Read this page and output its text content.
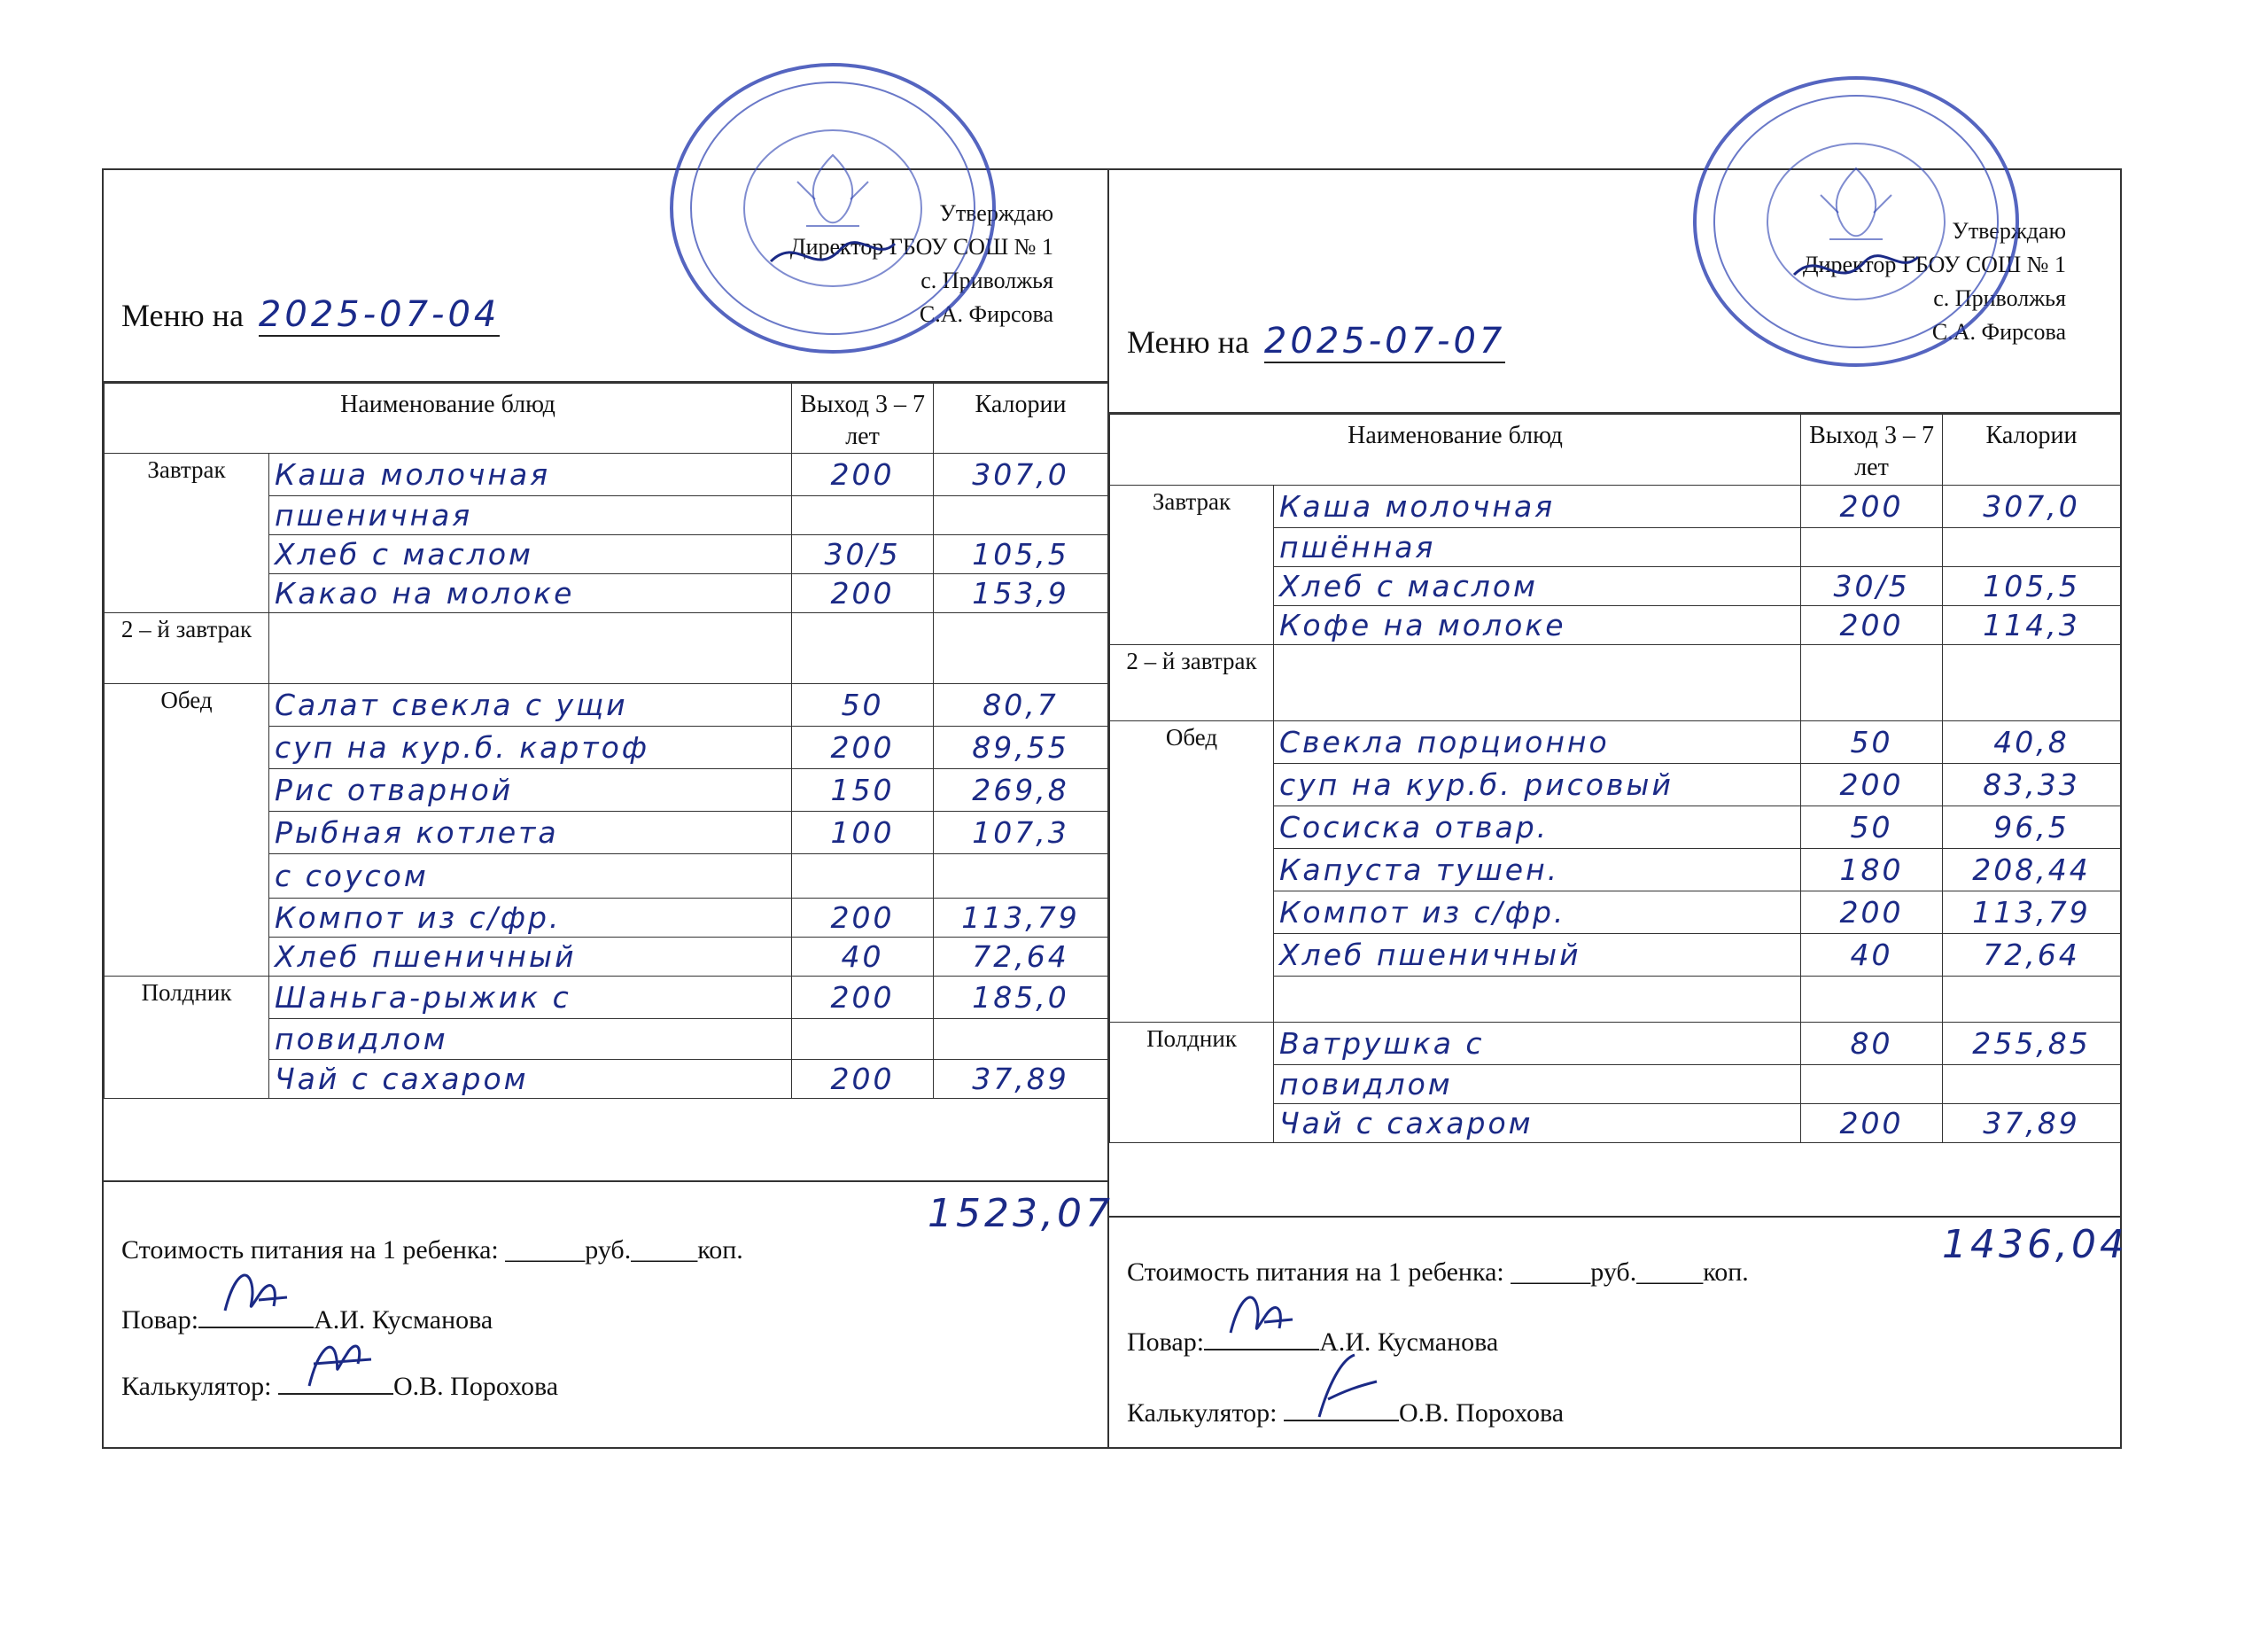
Утверждаю
Директор ГБОУ СОШ № 1
с. Приволжья
С.А. Фирсова
Меню на 2025-07-04
Наименование блюд		Выход 3 – 7 лет	Калории
Завтрак	Каша молочная	200	307,0
	пшеничная		
	Хлеб с маслом	30/5	105,5
	Какао на молоке	200	153,9
2 – й завтрак			
Обед	Салат свекла с ущи	50	80,7
	суп на кур.б. картоф	200	89,55
	Рис отварной	150	269,8
	Рыбная котлета	100	107,3
	с соусом		
	Компот из с/фр.	200	113,79
	Хлеб пшеничный	40	72,64
Полдник	Шаньга-рыжик с	200	185,0
	повидлом		
	Чай с сахаром	200	37,89
1523,07
Стоимость питания на 1 ребенка: ______руб._____коп.
Повар:	А.И. Кусманова
Калькулятор:	О.В. Порохова
Утверждаю
Директор ГБОУ СОШ № 1
с. Приволжья
С.А. Фирсова
Меню на 2025-07-07
Наименование блюд		Выход 3 – 7 лет	Калории
Завтрак	Каша молочная	200	307,0
	пшённая		
	Хлеб с маслом	30/5	105,5
	Кофе на молоке	200	114,3
2 – й завтрак			
Обед	Свекла порционно	50	40,8
	суп на кур.б. рисовый	200	83,33
	Сосиска отвар.	50	96,5
	Капуста тушен.	180	208,44
	Компот из с/фр.	200	113,79
	Хлеб пшеничный	40	72,64

Полдник	Ватрушка с	80	255,85
	повидлом		
	Чай с сахаром	200	37,89
1436,04
Стоимость питания на 1 ребенка: ______руб._____коп.
Повар:	А.И. Кусманова
Калькулятор:	О.В. Порохова
